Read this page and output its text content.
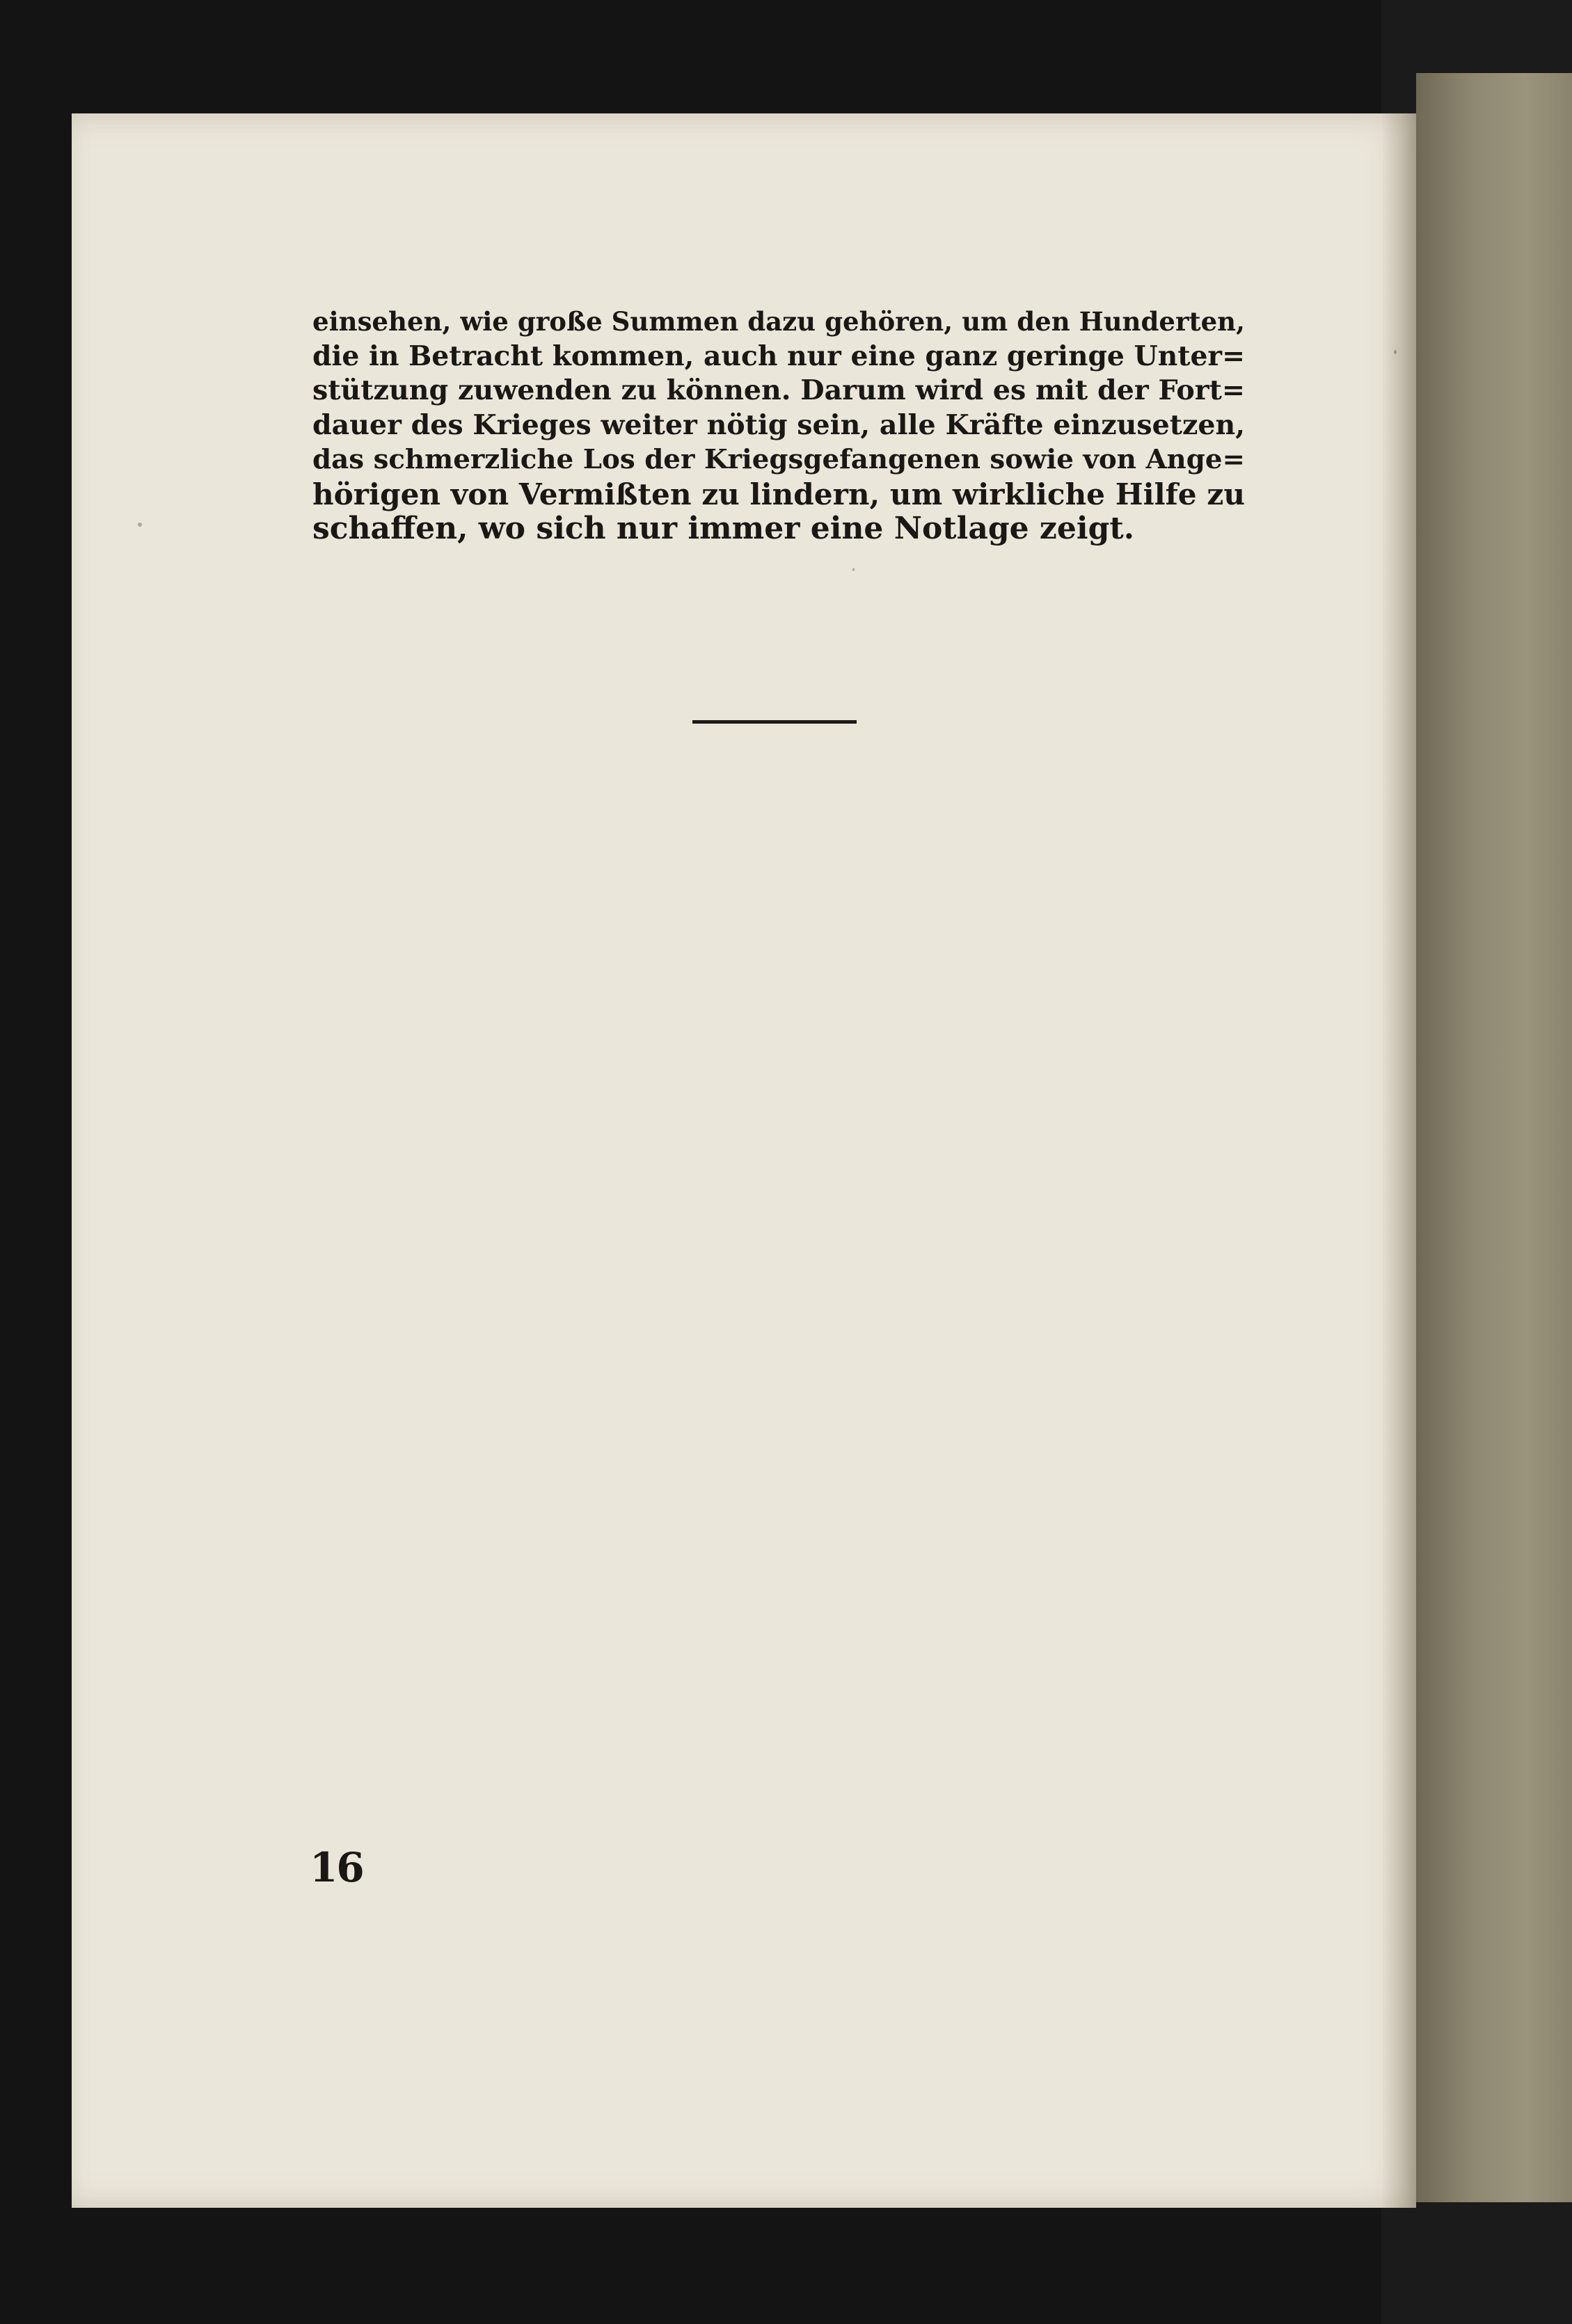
einsehen, wie große Summen dazu gehören, um den Hunderten,
die in Betracht kommen, auch nur eine ganz geringe Unter=
stützung zuwenden zu können. Darum wird es mit der Fort=
dauer des Krieges weiter nötig sein, alle Kräfte einzusetzen,
das schmerzliche Los der Kriegsgefangenen sowie von Ange=
hörigen von Vermißten zu lindern, um wirkliche Hilfe zu
schaffen, wo sich nur immer eine Notlage zeigt.
16
